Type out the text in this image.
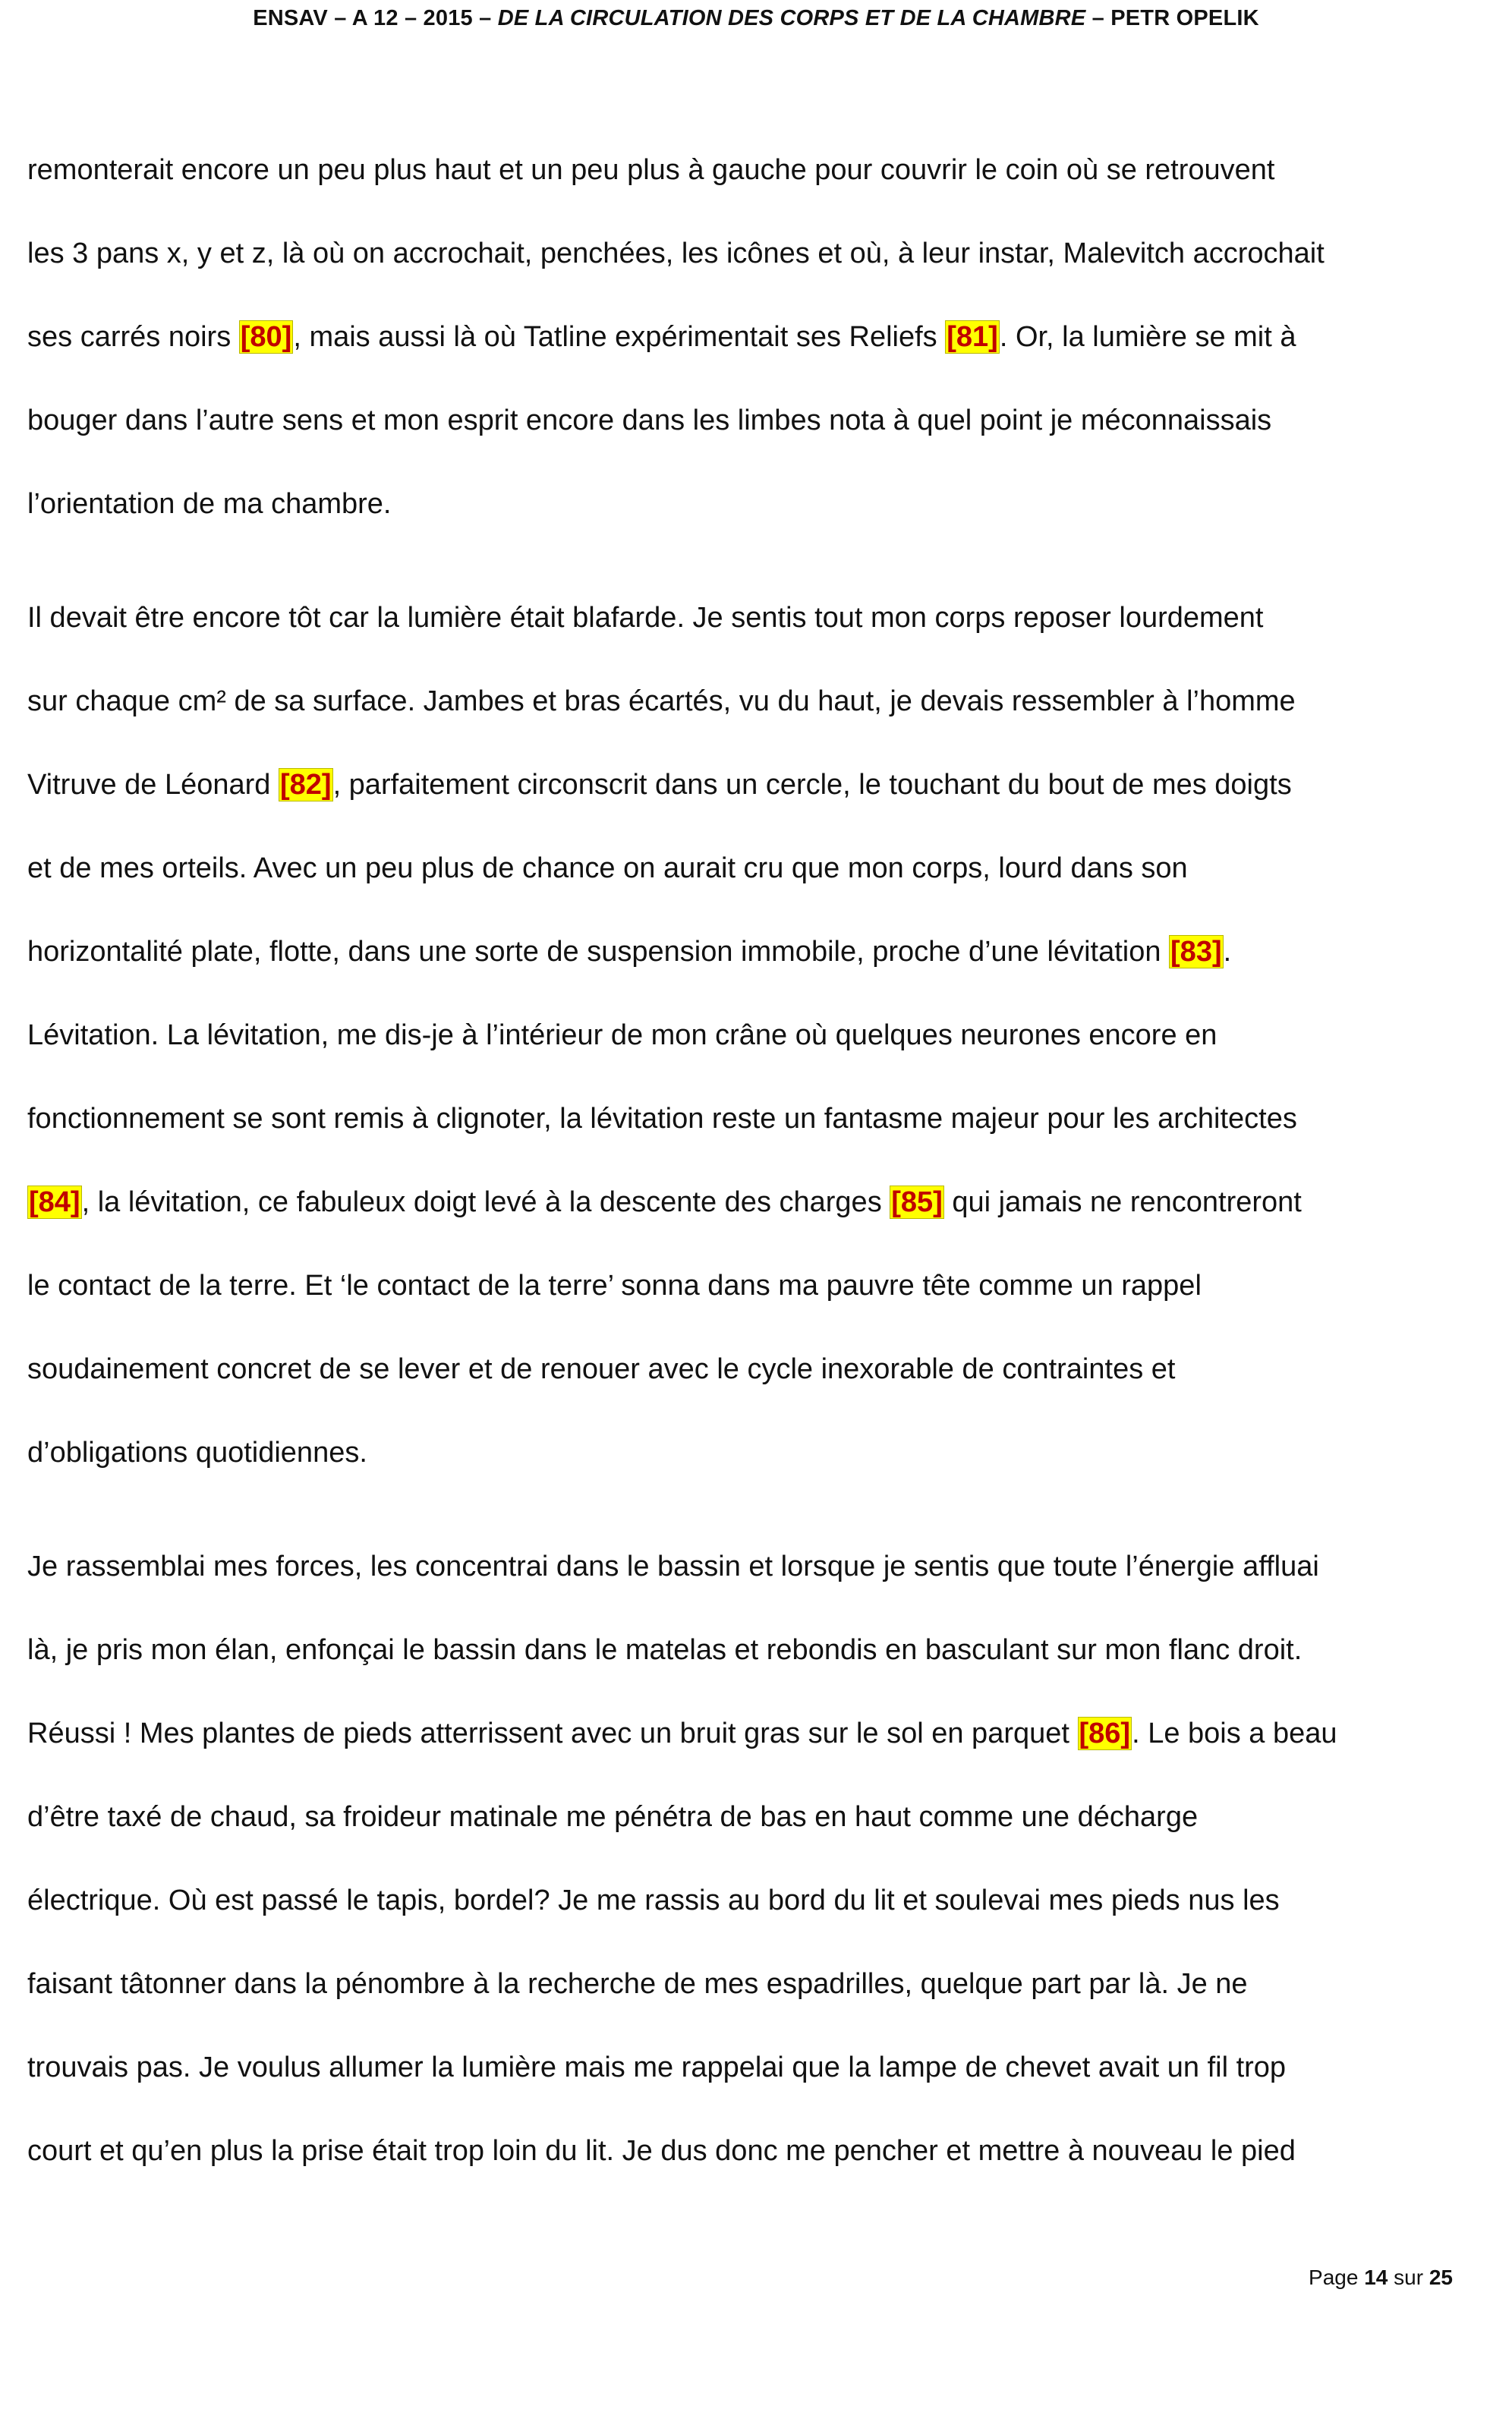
ENSAV – A 12 – 2015 – DE LA CIRCULATION DES CORPS ET DE LA CHAMBRE – PETR OPELIK
remonterait encore un peu plus haut et un peu plus à gauche pour couvrir le coin où se retrouvent
les 3 pans x, y et z, là où on accrochait, penchées, les icônes et où, à leur instar, Malevitch accrochait
ses carrés noirs [80], mais aussi là où Tatline expérimentait ses Reliefs [81]. Or, la lumière se mit à
bouger dans l’autre sens et mon esprit encore dans les limbes nota à quel point je méconnaissais
l’orientation de ma chambre.
Il devait être encore tôt car la lumière était blafarde. Je sentis tout mon corps reposer lourdement
sur chaque cm² de sa surface. Jambes et bras écartés, vu du haut, je devais ressembler à l’homme
Vitruve de Léonard [82], parfaitement circonscrit dans un cercle, le touchant du bout de mes doigts
et de mes orteils. Avec un peu plus de chance on aurait cru que mon corps, lourd dans son
horizontalité plate, flotte, dans une sorte de suspension immobile, proche d’une lévitation [83].
Lévitation. La lévitation, me dis-je à l’intérieur de mon crâne où quelques neurones encore en
fonctionnement se sont remis à clignoter, la lévitation reste un fantasme majeur pour les architectes
[84], la lévitation, ce fabuleux doigt levé à la descente des charges [85] qui jamais ne rencontreront
le contact de la terre. Et ‘le contact de la terre’ sonna dans ma pauvre tête comme un rappel
soudainement concret de se lever et de renouer avec le cycle inexorable de contraintes et
d’obligations quotidiennes.
Je rassemblai mes forces, les concentrai dans le bassin et lorsque je sentis que toute l’énergie affluai
là, je pris mon élan, enfonçai le bassin dans le matelas et rebondis en basculant sur mon flanc droit.
Réussi ! Mes plantes de pieds atterrissent avec un bruit gras sur le sol en parquet [86]. Le bois a beau
d’être taxé de chaud, sa froideur matinale me pénétra de bas en haut comme une décharge
électrique. Où est passé le tapis, bordel? Je me rassis au bord du lit et soulevai mes pieds nus les
faisant tâtonner dans la pénombre à la recherche de mes espadrilles, quelque part par là. Je ne
trouvais pas. Je voulus allumer la lumière mais me rappelai que la lampe de chevet avait un fil trop
court et qu’en plus la prise était trop loin du lit. Je dus donc me pencher et mettre à nouveau le pied
Page 14 sur 25
